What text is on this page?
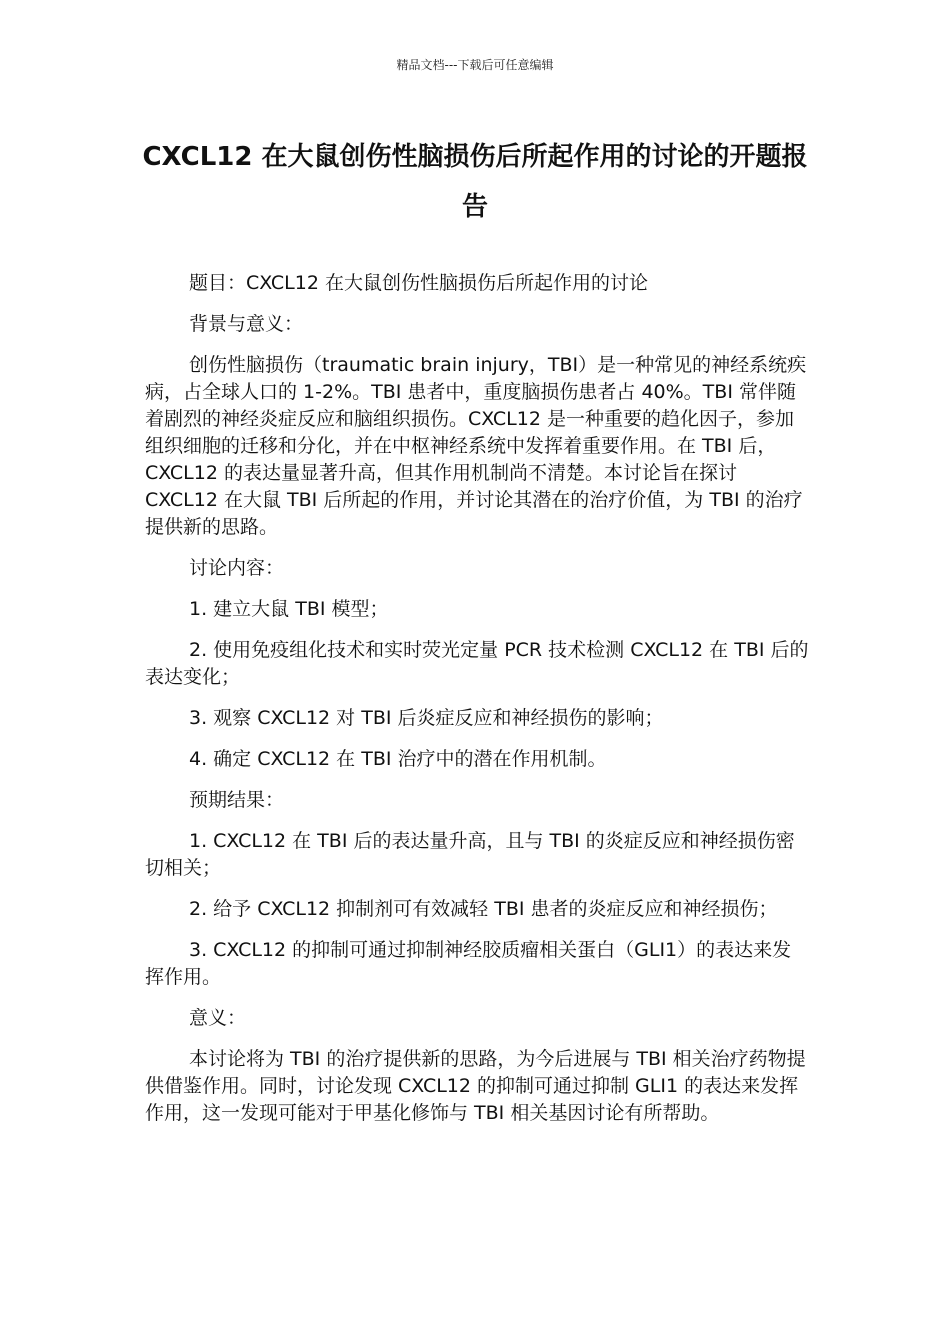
精品文档---下载后可任意编辑
CXCL12 在大鼠创伤性脑损伤后所起作用的讨论的开题报告

题目：CXCL12 在大鼠创伤性脑损伤后所起作用的讨论

背景与意义：

创伤性脑损伤（traumatic brain injury，TBI）是一种常见的神经系统疾病，占全球人口的 1-2%。TBI 患者中，重度脑损伤患者占 40%。TBI 常伴随着剧烈的神经炎症反应和脑组织损伤。CXCL12 是一种重要的趋化因子，参加组织细胞的迁移和分化，并在中枢神经系统中发挥着重要作用。在 TBI 后，CXCL12 的表达量显著升高，但其作用机制尚不清楚。本讨论旨在探讨 CXCL12 在大鼠 TBI 后所起的作用，并讨论其潜在的治疗价值，为 TBI 的治疗提供新的思路。

讨论内容：

1. 建立大鼠 TBI 模型；

2. 使用免疫组化技术和实时荧光定量 PCR 技术检测 CXCL12 在 TBI 后的表达变化；

3. 观察 CXCL12 对 TBI 后炎症反应和神经损伤的影响；

4. 确定 CXCL12 在 TBI 治疗中的潜在作用机制。

预期结果：

1. CXCL12 在 TBI 后的表达量升高，且与 TBI 的炎症反应和神经损伤密切相关；

2. 给予 CXCL12 抑制剂可有效减轻 TBI 患者的炎症反应和神经损伤；

3. CXCL12 的抑制可通过抑制神经胶质瘤相关蛋白（GLI1）的表达来发挥作用。

意义：

本讨论将为 TBI 的治疗提供新的思路，为今后进展与 TBI 相关治疗药物提供借鉴作用。同时，讨论发现 CXCL12 的抑制可通过抑制 GLI1 的表达来发挥作用，这一发现可能对于甲基化修饰与 TBI 相关基因讨论有所帮助。
